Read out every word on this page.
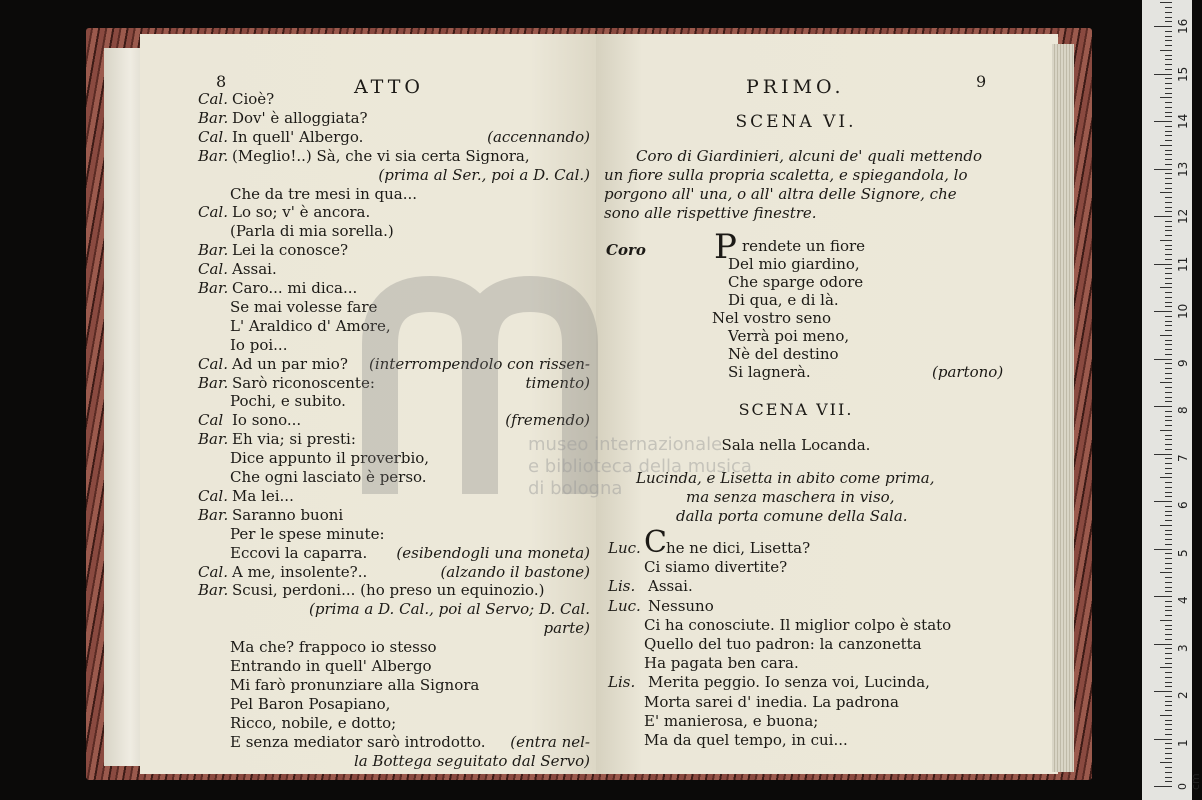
8	ATTO
Cal. Cioè?
Bar. Dov' è alloggiata?
Cal. In quell' Albergo.	(accennando)
Bar. (Meglio!..) Sà, che vi sia certa Signora,
(prima al Ser., poi a D. Cal.)
Che da tre mesi in qua...
Cal. Lo so; v' è ancora.
(Parla di mia sorella.)
Bar. Lei la conosce?
Cal. Assai.
Bar. Caro... mi dica...
Se mai volesse fare
L' Araldico d' Amore,
Io poi...
Cal. Ad un par mio? (interrompendolo con rissen-
Bar. Sarò riconoscente:	timento)
Pochi, e subito.
Cal Io sono...	(fremendo)
Bar. Eh via; si presti:
Dice appunto il proverbio,
Che ogni lasciato è perso.
Cal. Ma lei...
Bar. Saranno buoni
Per le spese minute:
Eccovi la caparra. (esibendogli una moneta)
Cal. A me, insolente?..	(alzando il bastone)
Bar. Scusi, perdoni... (ho preso un equinozio.)
(prima a D. Cal., poi al Servo; D. Cal.
parte)
Ma che? frappoco io stesso
Entrando in quell' Albergo
Mi farò pronunziare alla Signora
Pel Baron Posapiano,
Ricco, nobile, e dotto;
E senza mediator sarò introdotto. (entra nel-
la Bottega seguitato dal Servo)
PRIMO.	9
SCENA VI.
Coro di Giardinieri, alcuni de' quali mettendo
un fiore sulla propria scaletta, e spiegandola, lo
porgono all' una, o all' altra delle Signore, che
sono alle rispettive finestre.
Coro P rendete un fiore
Del mio giardino,
Che sparge odore
Di qua, e di là.
Nel vostro seno
Verrà poi meno,
Nè del destino
Si lagnerà.	(partono)
SCENA VII.
Sala nella Locanda.
Lucinda, e Lisetta in abito come prima,
ma senza maschera in viso,
dalla porta comune della Sala.
Luc. C he ne dici, Lisetta?
Ci siamo divertite?
Lis. Assai.
Luc. Nessuno
Ci ha conosciute. Il miglior colpo è stato
Quello del tuo padron: la canzonetta
Ha pagata ben cara.
Lis. Merita peggio. Io senza voi, Lucinda,
Morta sarei d' inedia. La padrona
E' manierosa, e buona;
Ma da quel tempo, in cui...
museo internazionale
e biblioteca della musica
di bologna
1
2
3
4
5
6
7
8
9
10
11
12
13
14
15
16
0 cm
